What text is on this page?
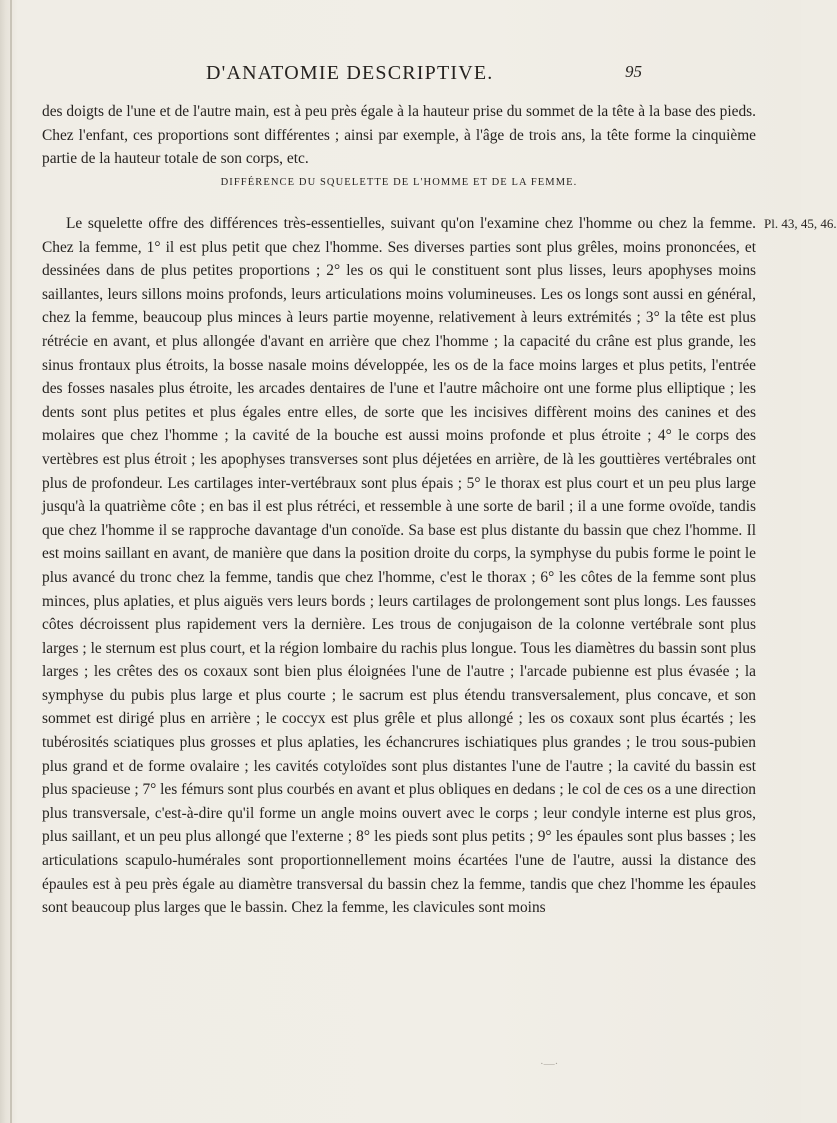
D'ANATOMIE DESCRIPTIVE.	95
des doigts de l'une et de l'autre main, est à peu près égale à la hauteur prise du sommet de la tête à la base des pieds. Chez l'enfant, ces proportions sont différentes ; ainsi par exemple, à l'âge de trois ans, la tête forme la cinquième partie de la hauteur totale de son corps, etc.
DIFFÉRENCE DU SQUELETTE DE L'HOMME ET DE LA FEMME.
Pl. 43, 45, 46.
Le squelette offre des différences très-essentielles, suivant qu'on l'examine chez l'homme ou chez la femme. Chez la femme, 1° il est plus petit que chez l'homme. Ses diverses parties sont plus grêles, moins prononcées, et dessinées dans de plus petites proportions ; 2° les os qui le constituent sont plus lisses, leurs apophyses moins saillantes, leurs sillons moins profonds, leurs articulations moins volumineuses. Les os longs sont aussi en général, chez la femme, beaucoup plus minces à leurs partie moyenne, relativement à leurs extrémités ; 3° la tête est plus rétrécie en avant, et plus allongée d'avant en arrière que chez l'homme ; la capacité du crâne est plus grande, les sinus frontaux plus étroits, la bosse nasale moins développée, les os de la face moins larges et plus petits, l'entrée des fosses nasales plus étroite, les arcades dentaires de l'une et l'autre mâchoire ont une forme plus elliptique ; les dents sont plus petites et plus égales entre elles, de sorte que les incisives diffèrent moins des canines et des molaires que chez l'homme ; la cavité de la bouche est aussi moins profonde et plus étroite ; 4° le corps des vertèbres est plus étroit ; les apophyses transverses sont plus déjetées en arrière, de là les gouttières vertébrales ont plus de profondeur. Les cartilages inter-vertébraux sont plus épais ; 5° le thorax est plus court et un peu plus large jusqu'à la quatrième côte ; en bas il est plus rétréci, et ressemble à une sorte de baril ; il a une forme ovoïde, tandis que chez l'homme il se rapproche davantage d'un conoïde. Sa base est plus distante du bassin que chez l'homme. Il est moins saillant en avant, de manière que dans la position droite du corps, la symphyse du pubis forme le point le plus avancé du tronc chez la femme, tandis que chez l'homme, c'est le thorax ; 6° les côtes de la femme sont plus minces, plus aplaties, et plus aiguës vers leurs bords ; leurs cartilages de prolongement sont plus longs. Les fausses côtes décroissent plus rapidement vers la dernière. Les trous de conjugaison de la colonne vertébrale sont plus larges ; le sternum est plus court, et la région lombaire du rachis plus longue. Tous les diamètres du bassin sont plus larges ; les crêtes des os coxaux sont bien plus éloignées l'une de l'autre ; l'arcade pubienne est plus évasée ; la symphyse du pubis plus large et plus courte ; le sacrum est plus étendu transversalement, plus concave, et son sommet est dirigé plus en arrière ; le coccyx est plus grêle et plus allongé ; les os coxaux sont plus écartés ; les tubérosités sciatiques plus grosses et plus aplaties, les échancrures ischiatiques plus grandes ; le trou sous-pubien plus grand et de forme ovalaire ; les cavités cotyloïdes sont plus distantes l'une de l'autre ; la cavité du bassin est plus spacieuse ; 7° les fémurs sont plus courbés en avant et plus obliques en dedans ; le col de ces os a une direction plus transversale, c'est-à-dire qu'il forme un angle moins ouvert avec le corps ; leur condyle interne est plus gros, plus saillant, et un peu plus allongé que l'externe ; 8° les pieds sont plus petits ; 9° les épaules sont plus basses ; les articulations scapulo-humérales sont proportionnellement moins écartées l'une de l'autre, aussi la distance des épaules est à peu près égale au diamètre transversal du bassin chez la femme, tandis que chez l'homme les épaules sont beaucoup plus larges que le bassin. Chez la femme, les clavicules sont moins
·—·
